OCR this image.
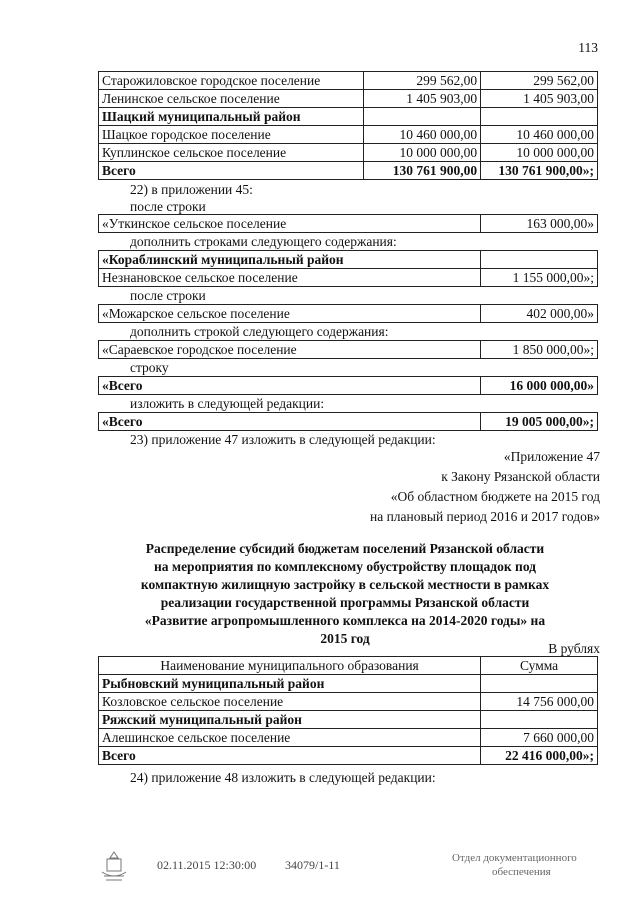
113
Старожиловское городское поселение	299 562,00	299 562,00
Ленинское сельское поселение	1 405 903,00	1 405 903,00
Шацкий муниципальный район		
Шацкое городское поселение	10 460 000,00	10 460 000,00
Куплинское сельское поселение	10 000 000,00	10 000 000,00
Всего	130 761 900,00	130 761 900,00»;
22) в приложении 45:
после строки
«Уткинское сельское поселение	163 000,00»
дополнить строками следующего содержания:
«Кораблинский муниципальный район	
Незнановское сельское поселение	1 155 000,00»;
после строки
«Можарское сельское поселение	402 000,00»
дополнить строкой следующего содержания:
«Сараевское городское поселение	1 850 000,00»;
строку
«Всего	16 000 000,00»
изложить в следующей редакции:
«Всего	19 005 000,00»;
23) приложение 47 изложить в следующей редакции:
«Приложение 47
к Закону Рязанской области
«Об областном бюджете на 2015 год
на плановый период 2016 и 2017 годов»
Распределение субсидий бюджетам поселений Рязанской области
на мероприятия по комплексному обустройству площадок под
компактную жилищную застройку в сельской местности в рамках
реализации государственной программы Рязанской области
«Развитие агропромышленного комплекса на 2014-2020 годы» на
2015 год
В рублях
Наименование муниципального образования	Сумма
Рыбновский муниципальный район	
Козловское сельское поселение	14 756 000,00
Ряжский муниципальный район	
Алешинское сельское поселение	7 660 000,00
Всего	22 416 000,00»;
24) приложение 48 изложить в следующей редакции:
02.11.2015 12:30:00 34079/1-11	Отдел документационного
обеспечения
